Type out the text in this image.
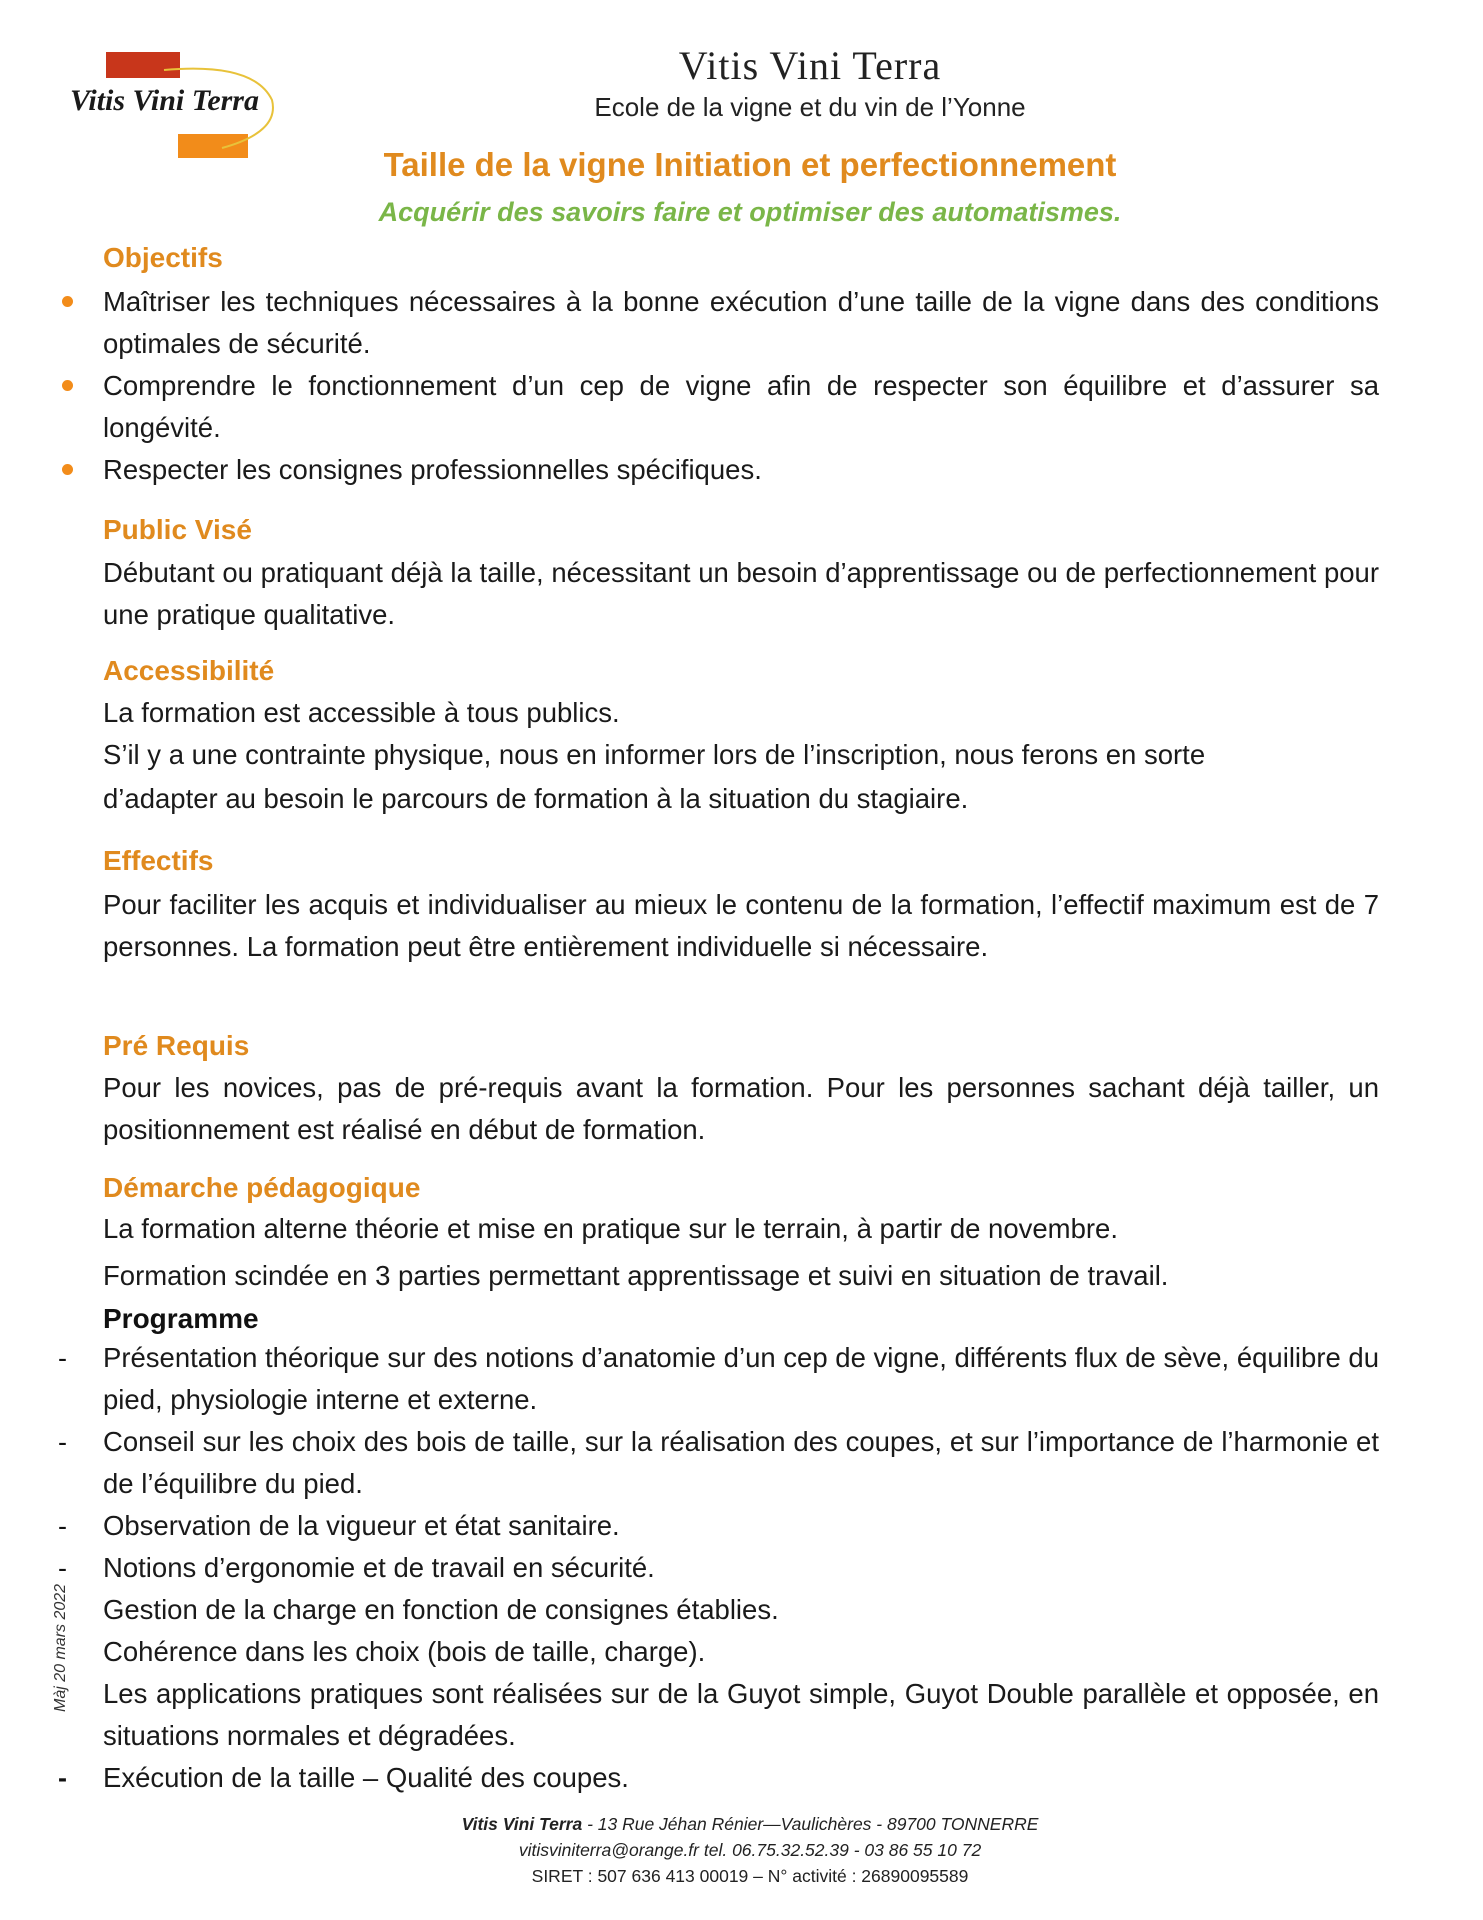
Vitis Vini Terra
Vitis Vini Terra
Ecole de la vigne et du vin de l’Yonne
Taille de la vigne Initiation et perfectionnement
Acquérir des savoirs faire et optimiser des automatismes.
Objectifs
Maîtriser les techniques nécessaires à la bonne exécution d’une taille de la vigne dans des conditions optimales de sécurité.
Comprendre le fonctionnement d’un cep de vigne afin de respecter son équilibre et d’assurer sa longévité.
Respecter les consignes professionnelles spécifiques.
Public Visé
Débutant ou pratiquant déjà la taille, nécessitant un besoin d’apprentissage ou de perfectionnement pour une pratique qualitative.
Accessibilité
La formation est accessible à tous publics.
S’il y a une contrainte physique, nous en informer lors de l’inscription, nous ferons en sorte
d’adapter au besoin le parcours de formation à la situation du stagiaire.
Effectifs
Pour faciliter les acquis et individualiser au mieux le contenu de la formation, l’effectif maximum est de 7 personnes. La formation peut être entièrement individuelle si nécessaire.
Pré Requis
Pour les novices, pas de pré-requis avant la formation. Pour les personnes sachant déjà tailler, un positionnement est réalisé en début de formation.
Démarche pédagogique
La formation alterne théorie et mise en pratique sur le terrain, à partir de novembre.
Formation scindée en 3 parties permettant apprentissage et suivi en situation de travail.
Programme
- Présentation théorique sur des notions d’anatomie d’un cep de vigne, différents flux de sève, équilibre du pied, physiologie interne et externe.
- Conseil sur les choix des bois de taille, sur la réalisation des coupes, et sur l’importance de l’harmonie et de l’équilibre du pied.
- Observation de la vigueur et état sanitaire.
- Notions d’ergonomie et de travail en sécurité.
Gestion de la charge en fonction de consignes établies.
Cohérence dans les choix (bois de taille, charge).
Les applications pratiques sont réalisées sur de la Guyot simple, Guyot Double parallèle et opposée, en situations normales et dégradées.
- Exécution de la taille – Qualité des coupes.
Màj 20 mars 2022
Vitis Vini Terra - 13 Rue Jéhan Rénier—Vaulichères - 89700 TONNERRE
vitisviniterra@orange.fr tel. 06.75.32.52.39 - 03 86 55 10 72
SIRET : 507 636 413 00019 – N° activité : 26890095589
